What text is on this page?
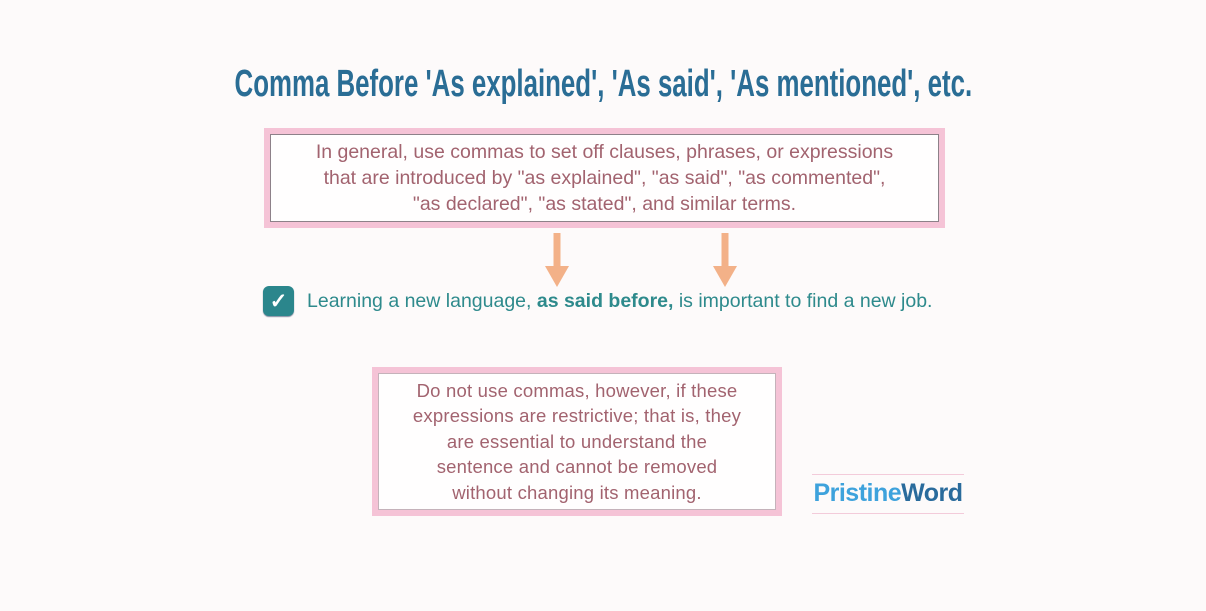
Comma Before 'As explained', 'As said', 'As mentioned', etc.
In general, use commas to set off clauses, phrases, or expressions
that are introduced by "as explained", "as said", "as commented",
"as declared", "as stated", and similar terms.
✓ Learning a new language, as said before, is important to find a new job.
Do not use commas, however, if these
expressions are restrictive; that is, they
are essential to understand the
sentence and cannot be removed
without changing its meaning.	PristineWord
